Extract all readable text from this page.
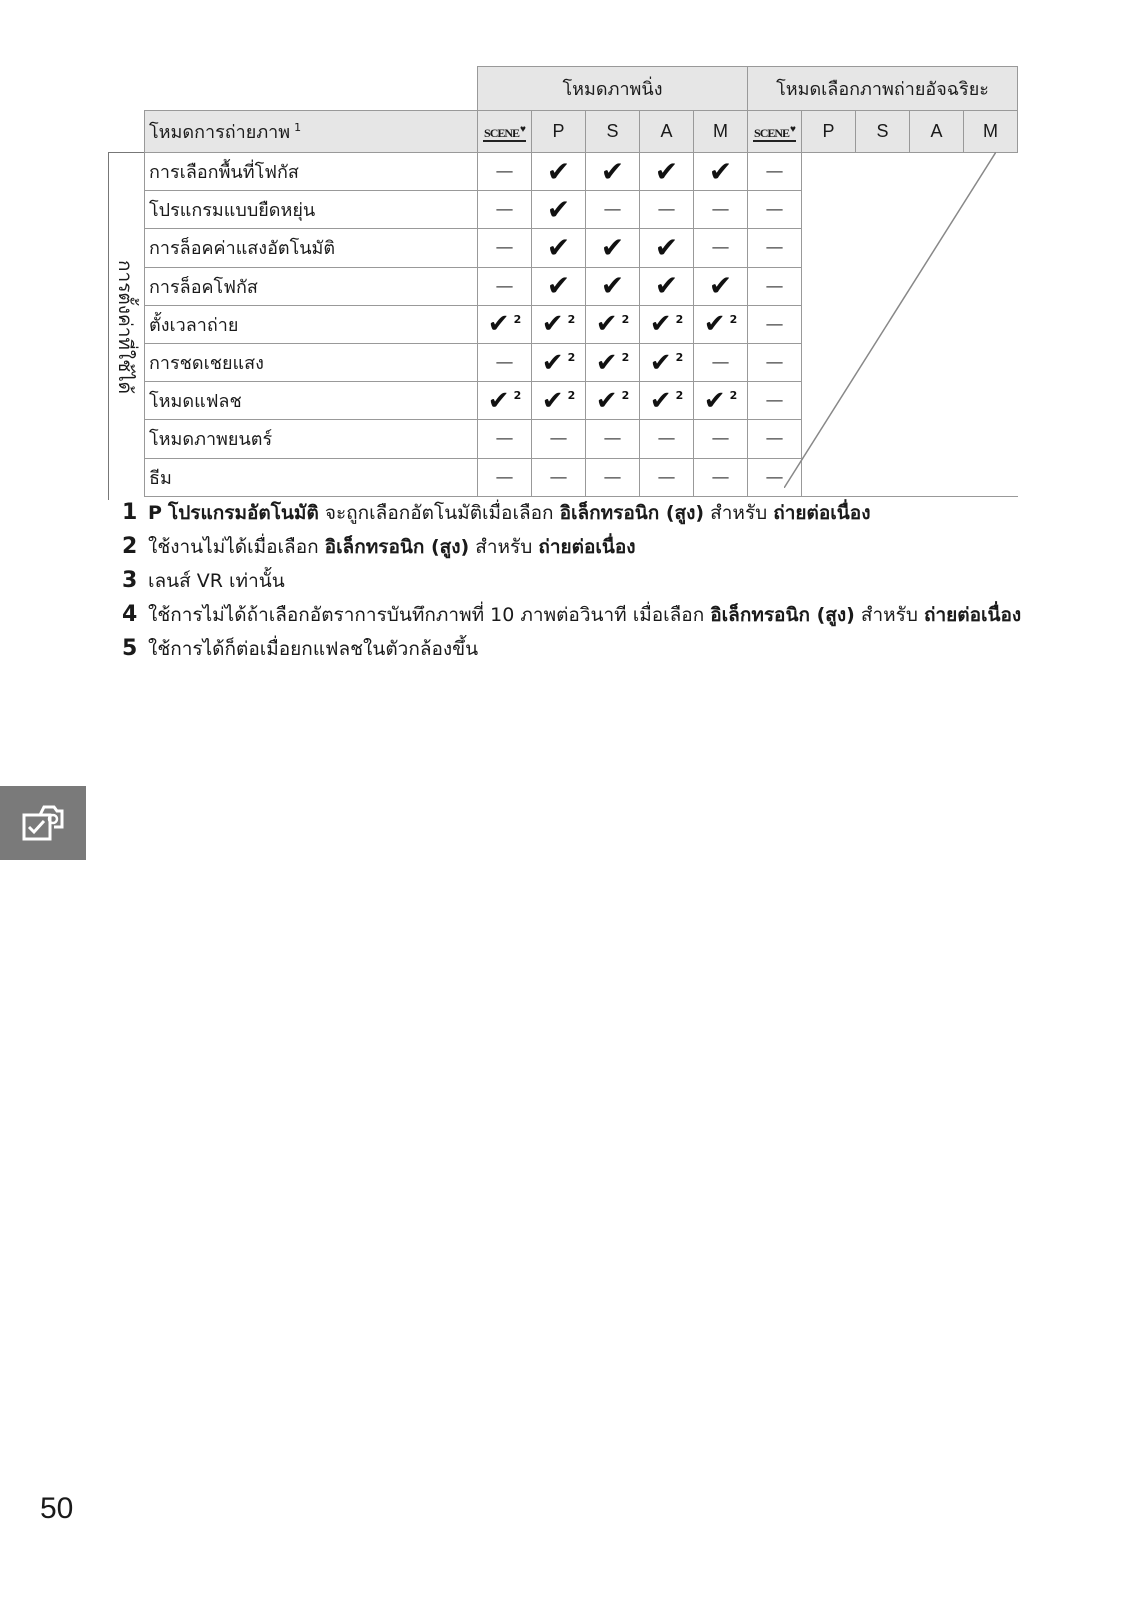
การตั้งค่าที่ใช้ได้
	โหมดภาพนิ่ง					โหมดเลือกภาพถ่ายอัจฉริยะ				
โหมดการถ่ายภาพ $^1$	SCENE ♥	P	S	A	M	SCENE ♥	P	S	A	M
การเลือกพื้นที่โฟกัส	—	✔	✔	✔	✔	—				
โปรแกรมแบบยืดหยุ่น	—	✔	—	—	—	—				
การล็อคค่าแสงอัตโนมัติ	—	✔	✔	✔	—	—				
การล็อคโฟกัส	—	✔	✔	✔	✔	—				
ตั้งเวลาถ่าย	✔ $^2$	✔ $^2$	✔ $^2$	✔ $^2$	✔ $^2$	—				
การชดเชยแสง	—	✔ $^2$	✔ $^2$	✔ $^2$	—	—				
โหมดแฟลช	✔ $^2$	✔ $^2$	✔ $^2$	✔ $^2$	✔ $^2$	—				
โหมดภาพยนตร์	—	—	—	—	—	—				
ธีม	—	—	—	—	—	—				
1 P โปรแกรมอัตโนมัติ จะถูกเลือกอัตโนมัติเมื่อเลือก อิเล็กทรอนิก (สูง) สำหรับ ถ่ายต่อเนื่อง
2 ใช้งานไม่ได้เมื่อเลือก อิเล็กทรอนิก (สูง) สำหรับ ถ่ายต่อเนื่อง
3 เลนส์ VR เท่านั้น
4 ใช้การไม่ได้ถ้าเลือกอัตราการบันทึกภาพที่ 10 ภาพต่อวินาที เมื่อเลือก อิเล็กทรอนิก (สูง) สำหรับ ถ่ายต่อเนื่อง
5 ใช้การได้ก็ต่อเมื่อยกแฟลชในตัวกล้องขึ้น
50
